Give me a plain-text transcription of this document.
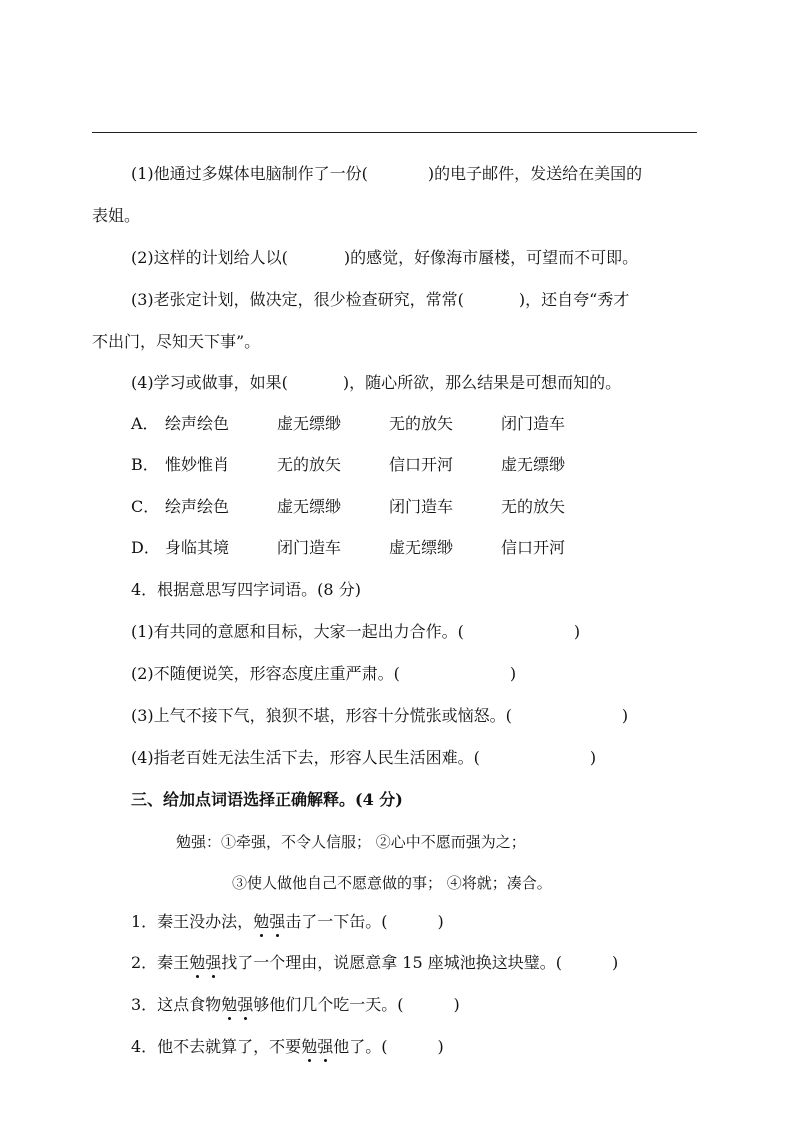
(1)他通过多媒体电脑制作了一份(	)的电子邮件，发送给在美国的
表姐。
(2)这样的计划给人以(	)的感觉，好像海市蜃楼，可望而不可即。
(3)老张定计划，做决定，很少检查研究，常常(	)，还自夸“秀才
不出门，尽知天下事”。
(4)学习或做事，如果(	)，随心所欲，那么结果是可想而知的。
A． 绘声绘色	虚无缥缈	无的放矢	闭门造车
B． 惟妙惟肖	无的放矢	信口开河	虚无缥缈
C． 绘声绘色	虚无缥缈	闭门造车	无的放矢
D． 身临其境	闭门造车	虚无缥缈	信口开河
4．根据意思写四字词语。(8 分)
(1)有共同的意愿和目标，大家一起出力合作。(	)
(2)不随便说笑，形容态度庄重严肃。(	)
(3)上气不接下气，狼狈不堪，形容十分慌张或恼怒。(	)
(4)指老百姓无法生活下去，形容人民生活困难。(	)
三、给加点词语选择正确解释。(4 分)
勉强：①牵强，不令人信服； ②心中不愿而强为之；
③使人做他自己不愿意做的事； ④将就；凑合。
1．秦王没办法，勉强击了一下缶。(	)
2．秦王勉强找了一个理由，说愿意拿 15 座城池换这块璧。(	)
3．这点食物勉强够他们几个吃一天。(	)
4．他不去就算了，不要勉强他了。(	)
